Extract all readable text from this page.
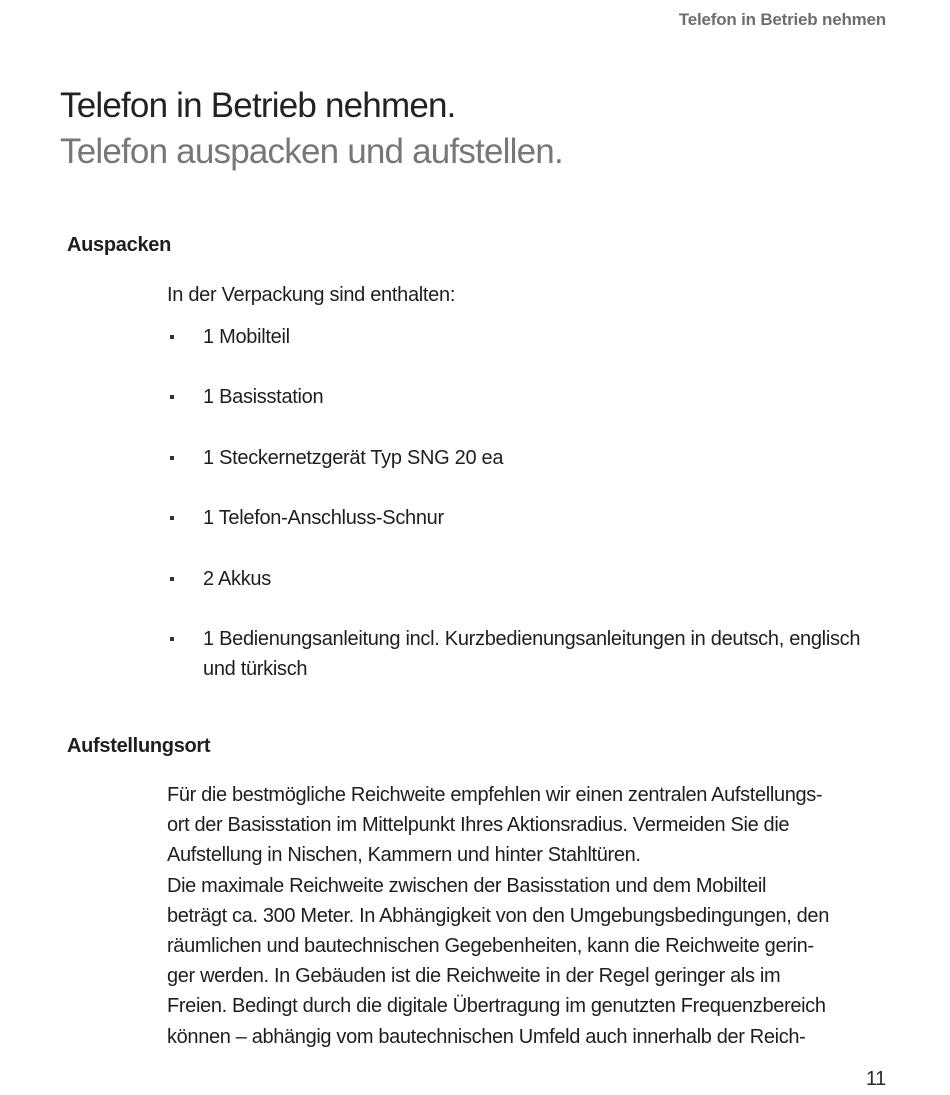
Telefon in Betrieb nehmen
Telefon in Betrieb nehmen.
Telefon auspacken und aufstellen.
Auspacken
In der Verpackung sind enthalten:
1 Mobilteil
1 Basisstation
1 Steckernetzgerät Typ SNG 20 ea
1 Telefon-Anschluss-Schnur
2 Akkus
1 Bedienungsanleitung incl. Kurzbedienungsanleitungen in deutsch, englisch und türkisch
Aufstellungsort

Für die bestmögliche Reichweite empfehlen wir einen zentralen Aufstellungs-

ort der Basisstation im Mittelpunkt Ihres Aktionsradius. Vermeiden Sie die

Aufstellung in Nischen, Kammern und hinter Stahltüren.

Die maximale Reichweite zwischen der Basisstation und dem Mobilteil

beträgt ca. 300 Meter. In Abhängigkeit von den Umgebungsbedingungen, den

räumlichen und bautechnischen Gegebenheiten, kann die Reichweite gerin-

ger werden. In Gebäuden ist die Reichweite in der Regel geringer als im

Freien. Bedingt durch die digitale Übertragung im genutzten Frequenzbereich

können – abhängig vom bautechnischen Umfeld auch innerhalb der Reich-

11
